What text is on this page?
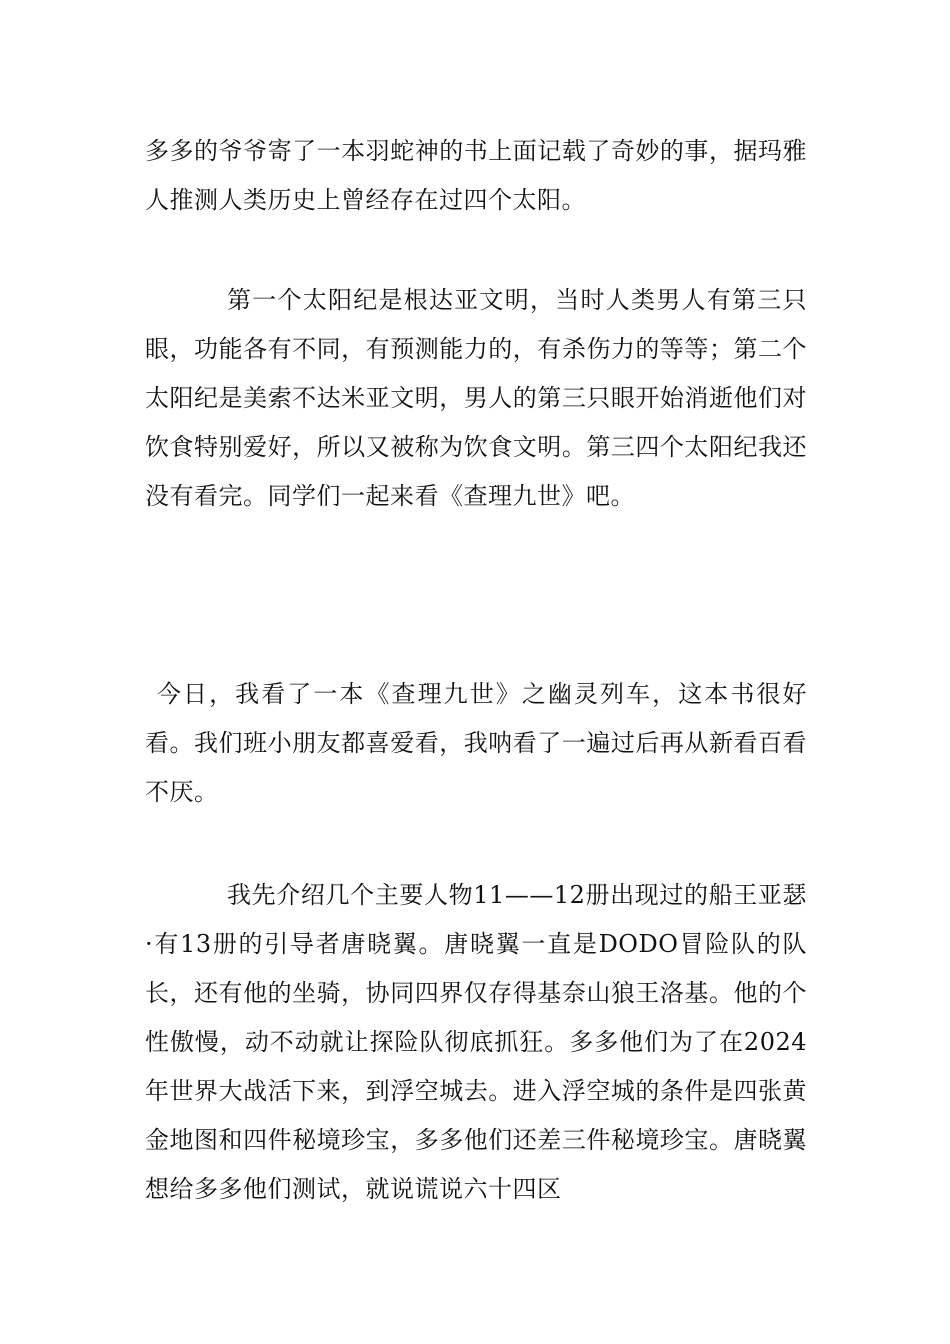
多多的爷爷寄了一本羽蛇神的书上面记载了奇妙的事，据玛雅人推测人类历史上曾经存在过四个太阳。

第一个太阳纪是根达亚文明，当时人类男人有第三只眼，功能各有不同，有预测能力的，有杀伤力的等等；第二个太阳纪是美索不达米亚文明，男人的第三只眼开始消逝他们对饮食特别爱好，所以又被称为饮食文明。第三四个太阳纪我还没有看完。同学们一起来看《查理九世》吧。

今日，我看了一本《查理九世》之幽灵列车，这本书很好看。我们班小朋友都喜爱看，我呐看了一遍过后再从新看百看不厌。

我先介绍几个主要人物11——12册出现过的船王亚瑟·有13册的引导者唐晓翼。唐晓翼一直是DODO冒险队的队长，还有他的坐骑，协同四界仅存得基奈山狼王洛基。他的个性傲慢，动不动就让探险队彻底抓狂。多多他们为了在2024年世界大战活下来，到浮空城去。进入浮空城的条件是四张黄金地图和四件秘境珍宝，多多他们还差三件秘境珍宝。唐晓翼想给多多他们测试，就说谎说六十四区
